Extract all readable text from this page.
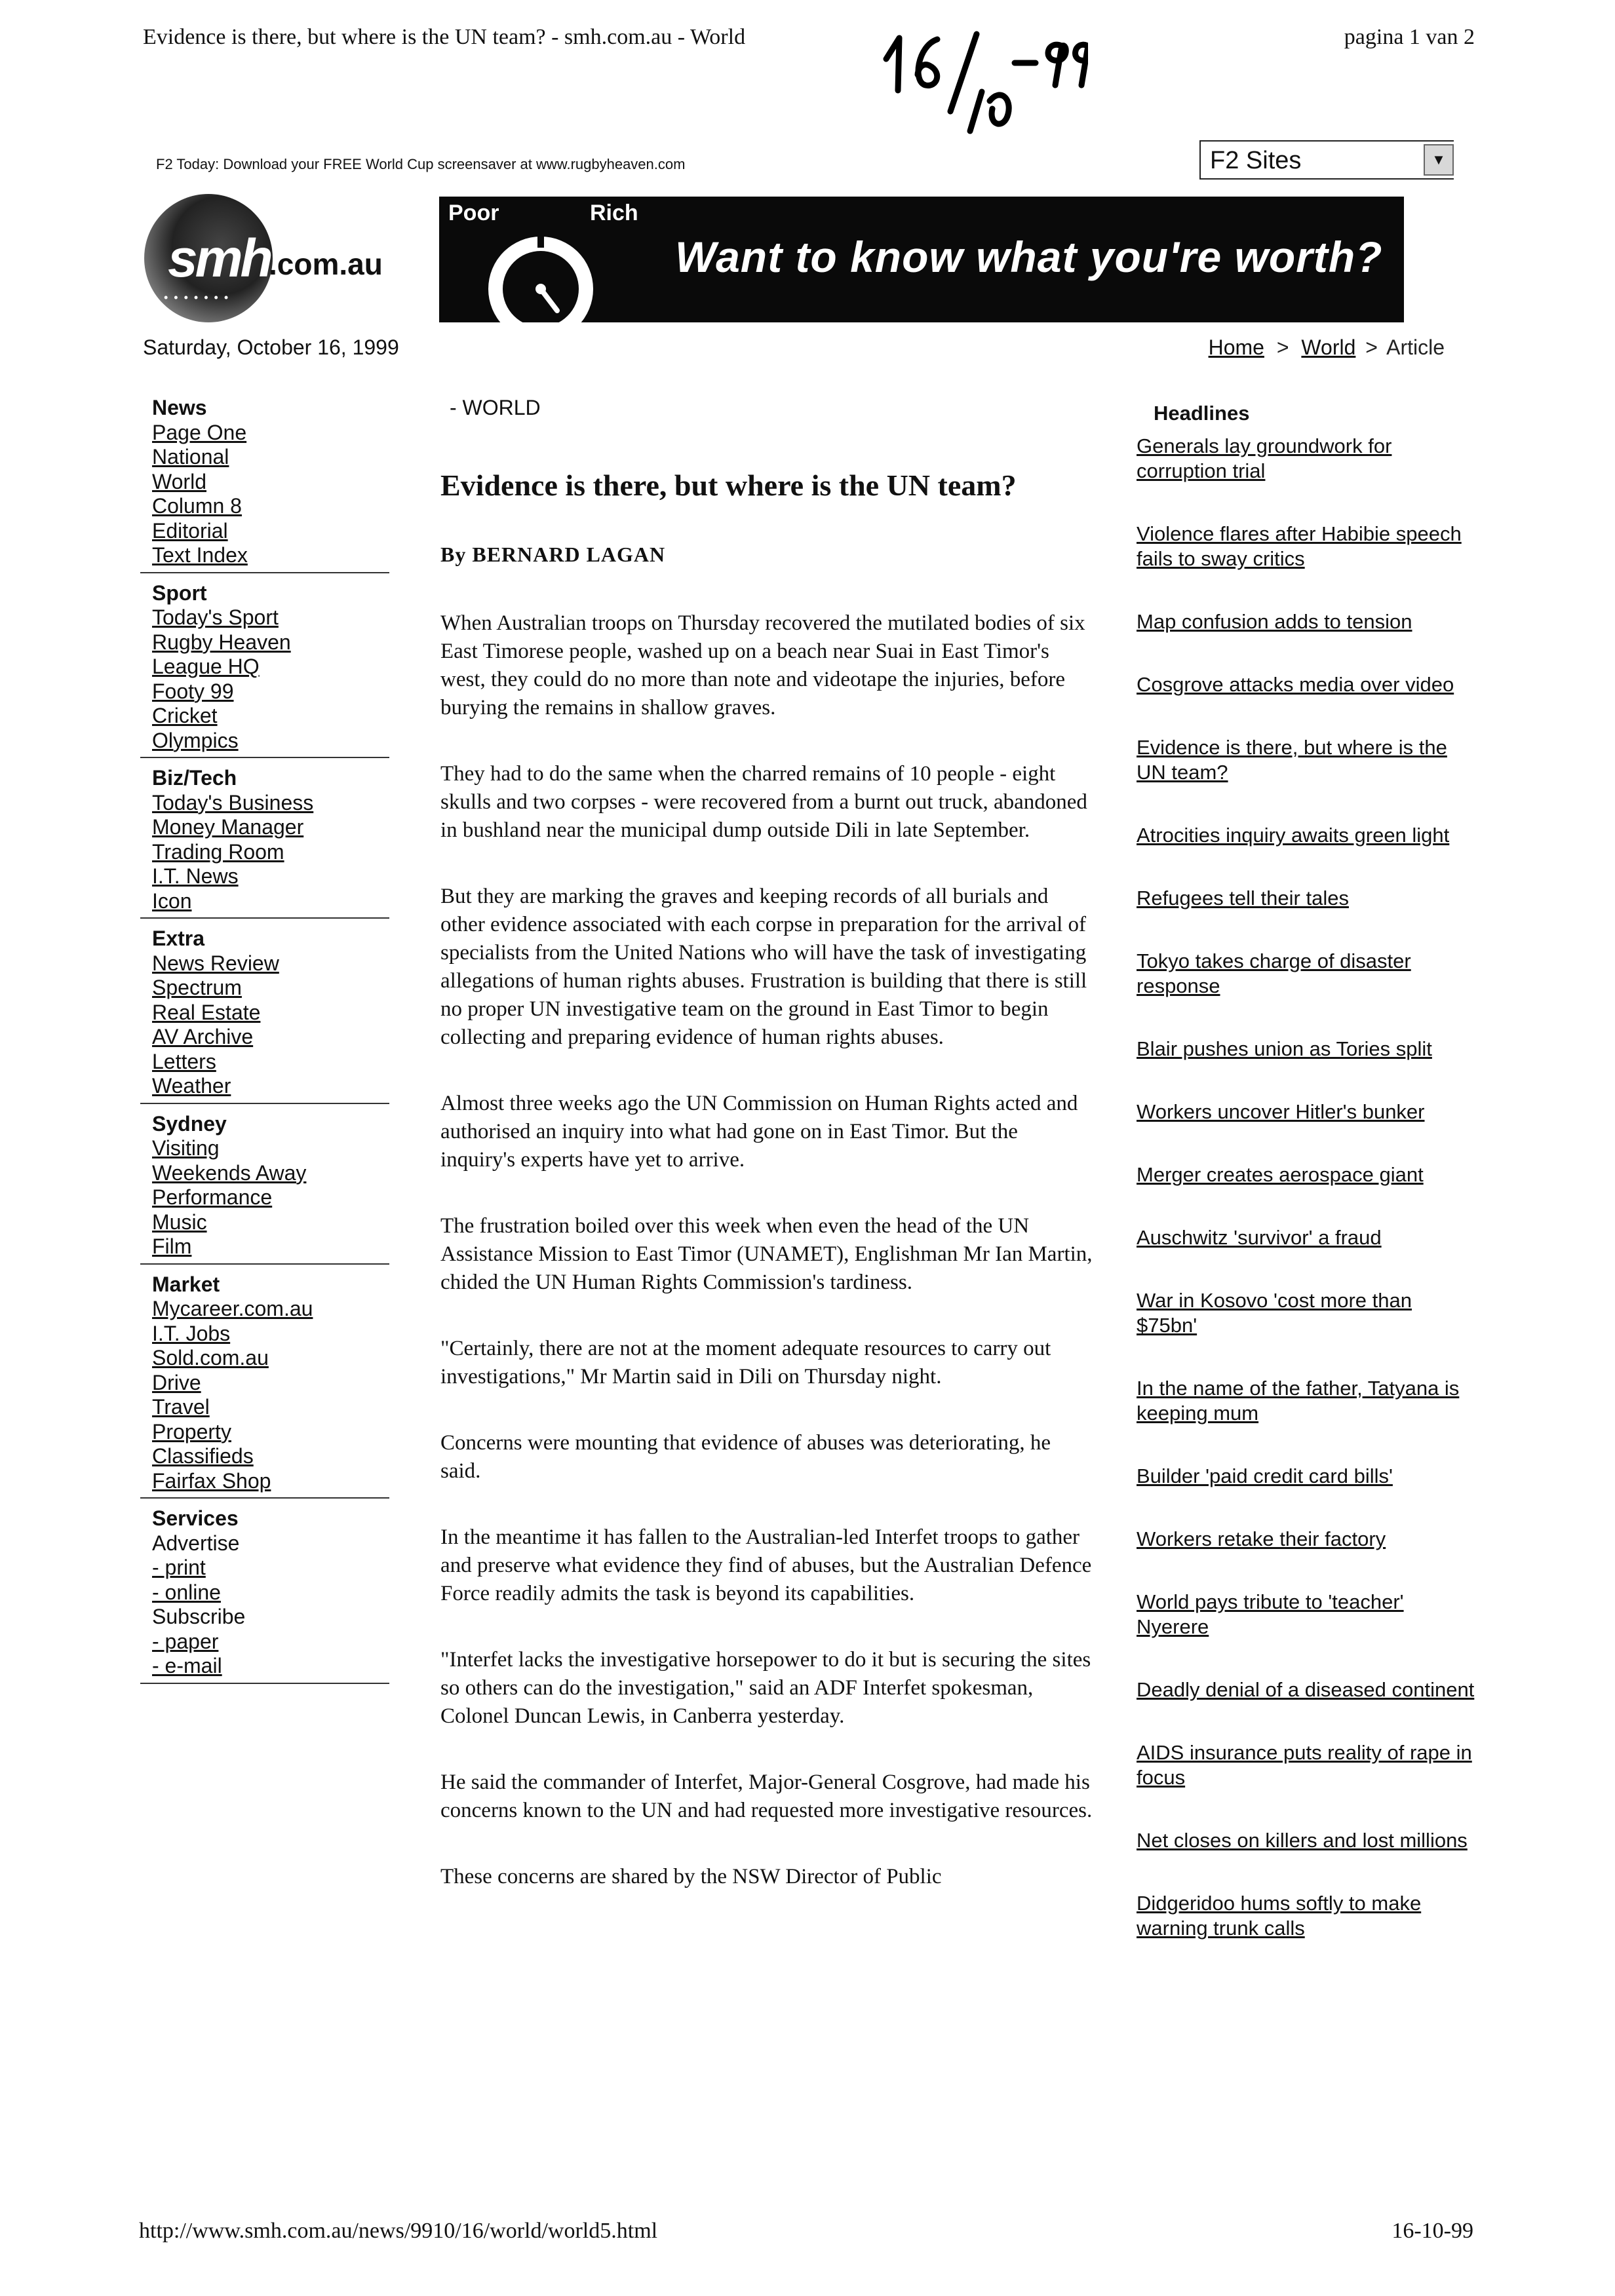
Evidence is there, but where is the UN team? - smh.com.au - World	pagina 1 van 2
F2 Today: Download your FREE World Cup screensaver at www.rugbyheaven.com	F2 Sites	▼
smh
• • • • • • •
.com.au
Poor	Rich
Want to know what you're worth?
Saturday, October 16, 1999	Home > World > Article
News
Page One
National
World
Column 8
Editorial
Text Index
Sport
Today's Sport
Rugby Heaven
League HQ
Footy 99
Cricket
Olympics
Biz/Tech
Today's Business
Money Manager
Trading Room
I.T. News
Icon
Extra
News Review
Spectrum
Real Estate
AV Archive
Letters
Weather
Sydney
Visiting
Weekends Away
Performance
Music
Film
Market
Mycareer.com.au
I.T. Jobs
Sold.com.au
Drive
Travel
Property
Classifieds
Fairfax Shop
Services
Advertise
- print
- online
Subscribe
- paper
- e-mail
- WORLD
Evidence is there, but where is the UN team?
By BERNARD LAGAN

When Australian troops on Thursday recovered the mutilated bodies of six East Timorese people, washed up on a beach near Suai in East Timor's west, they could do no more than note and videotape the injuries, before burying the remains in shallow graves.

They had to do the same when the charred remains of 10 people - eight skulls and two corpses - were recovered from a burnt out truck, abandoned in bushland near the municipal dump outside Dili in late September.

But they are marking the graves and keeping records of all burials and other evidence associated with each corpse in preparation for the arrival of specialists from the United Nations who will have the task of investigating allegations of human rights abuses. Frustration is building that there is still no proper UN investigative team on the ground in East Timor to begin collecting and preparing evidence of human rights abuses.

Almost three weeks ago the UN Commission on Human Rights acted and authorised an inquiry into what had gone on in East Timor. But the inquiry's experts have yet to arrive.

The frustration boiled over this week when even the head of the UN Assistance Mission to East Timor (UNAMET), Englishman Mr Ian Martin, chided the UN Human Rights Commission's tardiness.

"Certainly, there are not at the moment adequate resources to carry out investigations," Mr Martin said in Dili on Thursday night.

Concerns were mounting that evidence of abuses was deteriorating, he said.

In the meantime it has fallen to the Australian-led Interfet troops to gather and preserve what evidence they find of abuses, but the Australian Defence Force readily admits the task is beyond its capabilities.

"Interfet lacks the investigative horsepower to do it but is securing the sites so others can do the investigation," said an ADF Interfet spokesman, Colonel Duncan Lewis, in Canberra yesterday.

He said the commander of Interfet, Major-General Cosgrove, had made his concerns known to the UN and had requested more investigative resources.

These concerns are shared by the NSW Director of Public

Headlines
Generals lay groundwork for corruption trial
Violence flares after Habibie speech fails to sway critics
Map confusion adds to tension
Cosgrove attacks media over video
Evidence is there, but where is the UN team?
Atrocities inquiry awaits green light
Refugees tell their tales
Tokyo takes charge of disaster response
Blair pushes union as Tories split
Workers uncover Hitler's bunker
Merger creates aerospace giant
Auschwitz 'survivor' a fraud
War in Kosovo 'cost more than $75bn'
In the name of the father, Tatyana is keeping mum
Builder 'paid credit card bills'
Workers retake their factory
World pays tribute to 'teacher' Nyerere
Deadly denial of a diseased continent
AIDS insurance puts reality of rape in focus
Net closes on killers and lost millions
Didgeridoo hums softly to make warning trunk calls
http://www.smh.com.au/news/9910/16/world/world5.html	16-10-99
